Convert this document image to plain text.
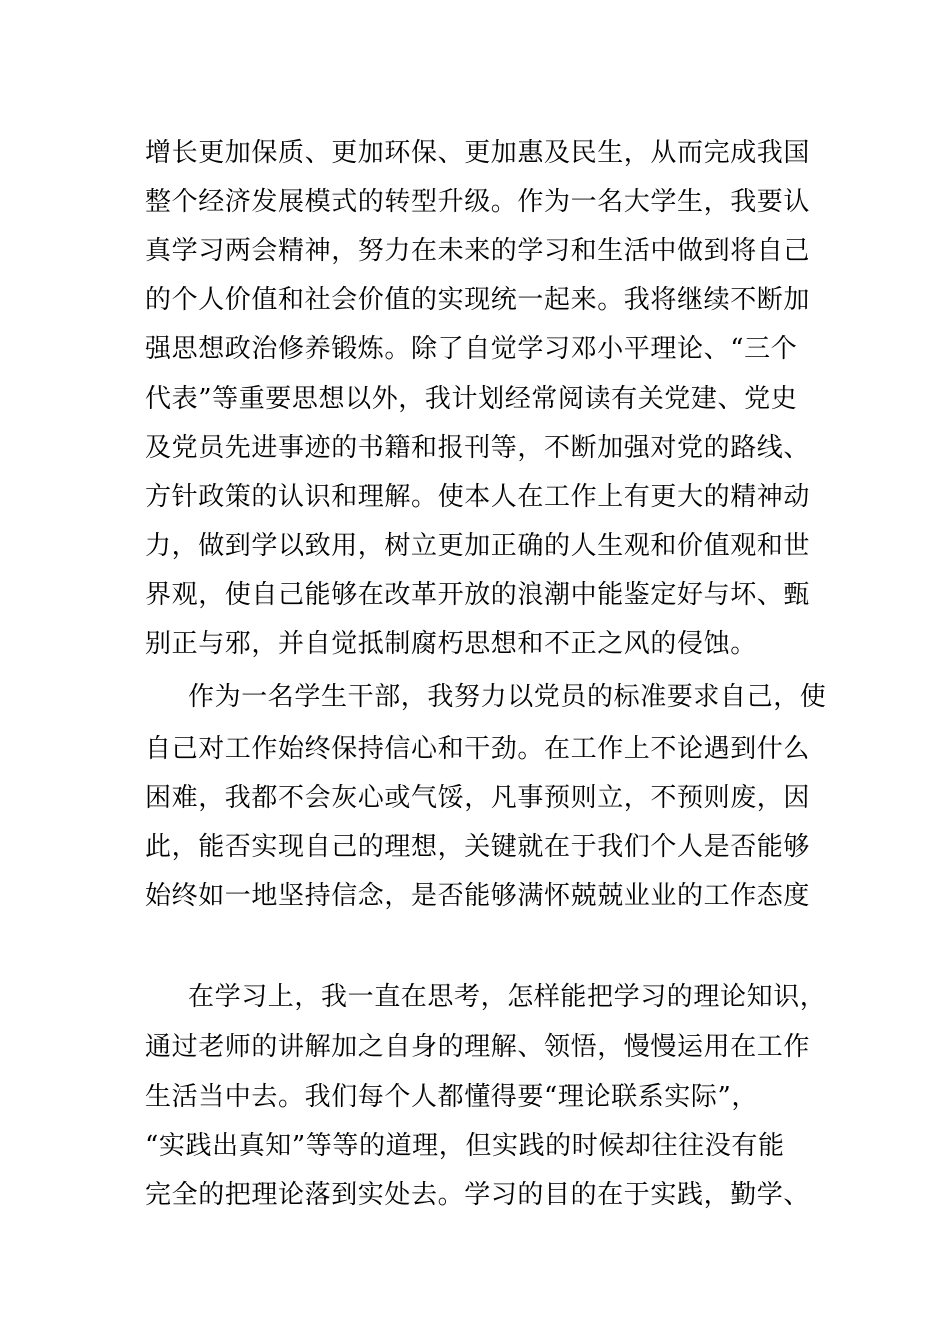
增长更加保质、更加环保、更加惠及民生，从而完成我国
整个经济发展模式的转型升级。作为一名大学生，我要认
真学习两会精神，努力在未来的学习和生活中做到将自己
的个人价值和社会价值的实现统一起来。我将继续不断加
强思想政治修养锻炼。除了自觉学习邓小平理论、“三个
代表”等重要思想以外，我计划经常阅读有关党建、党史
及党员先进事迹的书籍和报刊等，不断加强对党的路线、
方针政策的认识和理解。使本人在工作上有更大的精神动
力，做到学以致用，树立更加正确的人生观和价值观和世
界观，使自己能够在改革开放的浪潮中能鉴定好与坏、甄
别正与邪，并自觉抵制腐朽思想和不正之风的侵蚀。
作为一名学生干部，我努力以党员的标准要求自己，使
自己对工作始终保持信心和干劲。在工作上不论遇到什么
困难，我都不会灰心或气馁，凡事预则立，不预则废，因
此，能否实现自己的理想，关键就在于我们个人是否能够
始终如一地坚持信念，是否能够满怀兢兢业业的工作态度
在学习上，我一直在思考，怎样能把学习的理论知识，
通过老师的讲解加之自身的理解、领悟，慢慢运用在工作
生活当中去。我们每个人都懂得要“理论联系实际”，
“实践出真知”等等的道理，但实践的时候却往往没有能
完全的把理论落到实处去。学习的目的在于实践，勤学、
